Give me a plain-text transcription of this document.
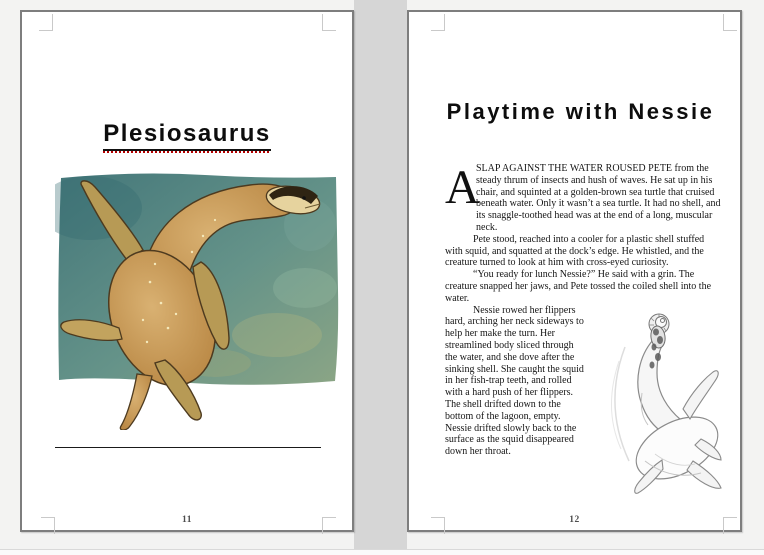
Plesiosaurus
11
Playtime with Nessie

A
SLAP AGAINST THE WATER ROUSED PETE from the steady thrum of insects and hush of waves. He sat up in his chair, and squinted at a golden-brown sea turtle that cruised beneath water. Only it wasn’t a sea turtle. It had no shell, and its snaggle-toothed head was at the end of a long, muscular neck.

Pete stood, reached into a cooler for a plastic shell stuffed with squid, and squatted at the dock’s edge. He whistled, and the creature turned to look at him with cross-eyed curiosity.

“You ready for lunch Nessie?” He said with a grin. The creature snapped her jaws, and Pete tossed the coiled shell into the water.

Nessie rowed her flippers hard, arching her neck sideways to help her make the turn. Her streamlined body sliced through the water, and she dove after the sinking shell. She caught the squid in her fish-trap teeth, and rolled with a hard push of her flippers. The shell drifted down to the bottom of the lagoon, empty. Nessie drifted slowly back to the surface as the squid disappeared down her throat.

12
